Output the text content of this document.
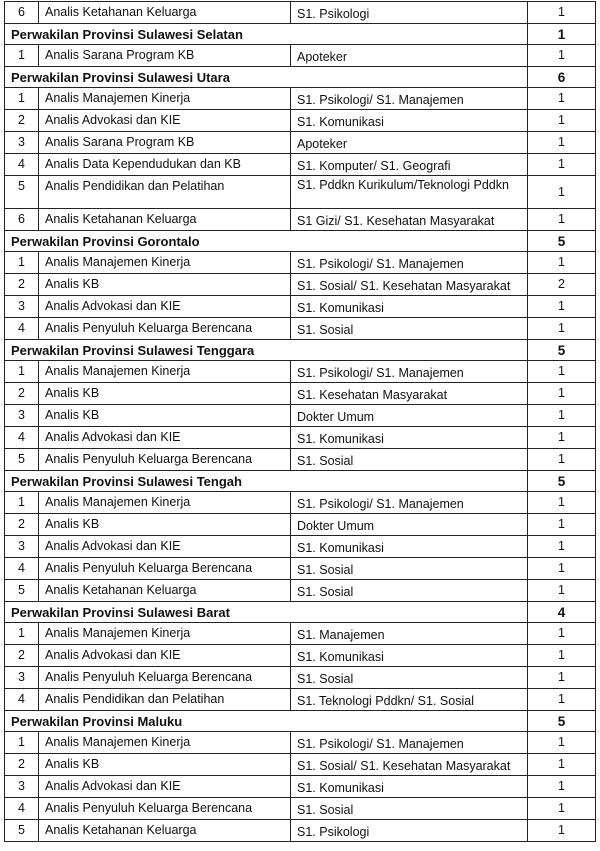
6	Analis Ketahanan Keluarga	S1. Psikologi	1
Perwakilan Provinsi Sulawesi Selatan			1
1	Analis Sarana Program KB	Apoteker	1
Perwakilan Provinsi Sulawesi Utara			6
1	Analis Manajemen Kinerja	S1. Psikologi/ S1. Manajemen	1
2	Analis Advokasi dan KIE	S1. Komunikasi	1
3	Analis Sarana Program KB	Apoteker	1
4	Analis Data Kependudukan dan KB	S1. Komputer/ S1. Geografi	1
5	Analis Pendidikan dan Pelatihan	S1. Pddkn Kurikulum/Teknologi Pddkn	1
6	Analis Ketahanan Keluarga	S1 Gizi/ S1. Kesehatan Masyarakat	1
Perwakilan Provinsi Gorontalo			5
1	Analis Manajemen Kinerja	S1. Psikologi/ S1. Manajemen	1
2	Analis KB	S1. Sosial/ S1. Kesehatan Masyarakat	2
3	Analis Advokasi dan KIE	S1. Komunikasi	1
4	Analis Penyuluh Keluarga Berencana	S1. Sosial	1
Perwakilan Provinsi Sulawesi Tenggara			5
1	Analis Manajemen Kinerja	S1. Psikologi/ S1. Manajemen	1
2	Analis KB	S1. Kesehatan Masyarakat	1
3	Analis KB	Dokter Umum	1
4	Analis Advokasi dan KIE	S1. Komunikasi	1
5	Analis Penyuluh Keluarga Berencana	S1. Sosial	1
Perwakilan Provinsi Sulawesi Tengah			5
1	Analis Manajemen Kinerja	S1. Psikologi/ S1. Manajemen	1
2	Analis KB	Dokter Umum	1
3	Analis Advokasi dan KIE	S1. Komunikasi	1
4	Analis Penyuluh Keluarga Berencana	S1. Sosial	1
5	Analis Ketahanan Keluarga	S1. Sosial	1
Perwakilan Provinsi Sulawesi Barat			4
1	Analis Manajemen Kinerja	S1. Manajemen	1
2	Analis Advokasi dan KIE	S1. Komunikasi	1
3	Analis Penyuluh Keluarga Berencana	S1. Sosial	1
4	Analis Pendidikan dan Pelatihan	S1. Teknologi Pddkn/ S1. Sosial	1
Perwakilan Provinsi Maluku			5
1	Analis Manajemen Kinerja	S1. Psikologi/ S1. Manajemen	1
2	Analis KB	S1. Sosial/ S1. Kesehatan Masyarakat	1
3	Analis Advokasi dan KIE	S1. Komunikasi	1
4	Analis Penyuluh Keluarga Berencana	S1. Sosial	1
5	Analis Ketahanan Keluarga	S1. Psikologi	1
